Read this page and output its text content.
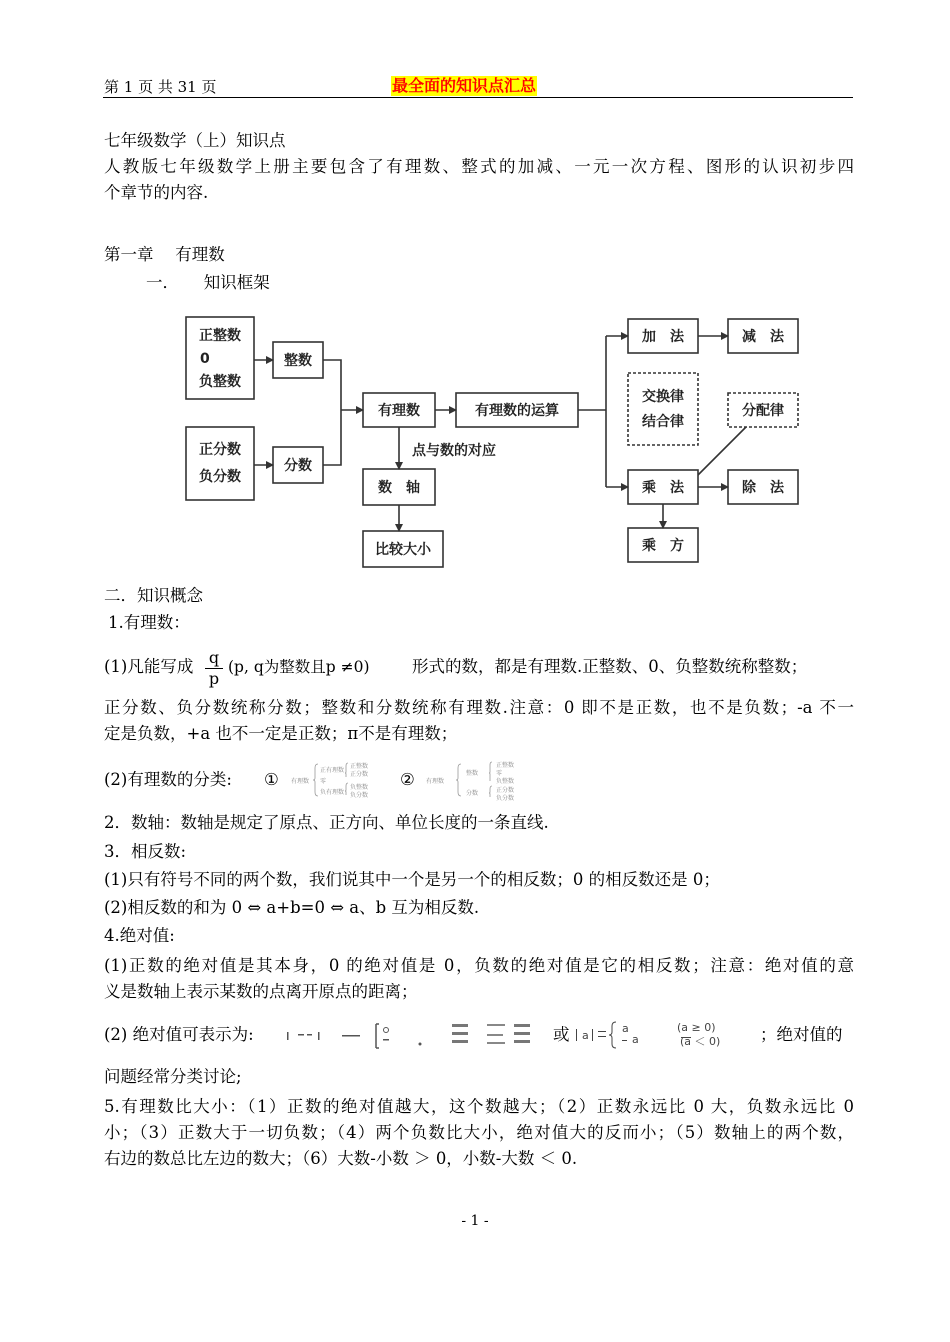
第 1 页 共 31 页	最全面的知识点汇总
七年级数学（上）知识点
人教版七年级数学上册主要包含了有理数、整式的加减、一元一次方程、图形的认识初步四
个章节的内容.
第一章　 有理数
一．　　知识框架
正整数
0
负整数
整数
正分数
负分数
分数
有理数	有理数的运算
点与数的对应
数　轴
比较大小
加　法	减　法
交换律
结合律
分配律
乘　法	除　法
乘　方
二．知识概念
1.有理数：
(1)凡能写成 $\frac{q}{p} (p$, q为整数且p ≠0)	形式的数，都是有理数.正整数、0、负整数统称整数；
正分数、负分数统称分数；整数和分数统称有理数.注意：0 即不是正数，也不是负数；-a 不一
定是负数，+a 也不一定是正数；π不是有理数；
(2)有理数的分类: ① 有理数
正有理数
零
负有理数
正整数
正分数
负整数
负分数
② 有理数
整数
分数
正整数
零
负整数
正分数
负分数
2．数轴：数轴是规定了原点、正方向、单位长度的一条直线.
3．相反数:
(1)只有符号不同的两个数，我们说其中一个是另一个的相反数；0 的相反数还是 0；
(2)相反数的和为 0 ⇔ a+b=0 ⇔ a、b 互为相反数.
4.绝对值:
(1)正数的绝对值是其本身，0 的绝对值是 0，负数的绝对值是它的相反数；注意：绝对值的意
义是数轴上表示某数的点离开原点的距离；
(2) 绝对值可表示为:	或 a
a
a
(a ≥ 0)
(a ＜ 0) ；绝对值的
问题经常分类讨论;
5.有理数比大小：（1）正数的绝对值越大，这个数越大；（2）正数永远比 0 大，负数永远比 0
小；（3）正数大于一切负数；（4）两个负数比大小，绝对值大的反而小；（5）数轴上的两个数，
右边的数总比左边的数大；（6）大数-小数 ＞ 0，小数-大数 ＜ 0.
- 1 -
